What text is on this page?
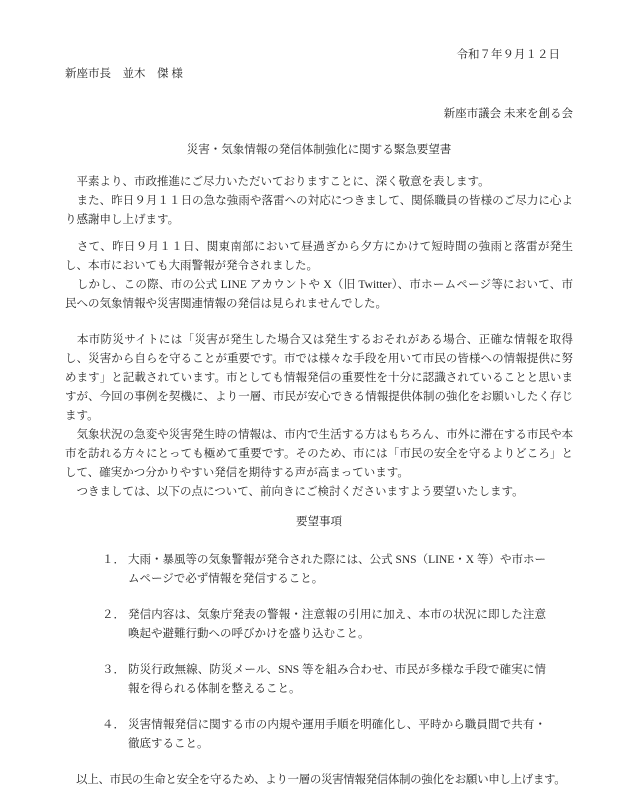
令和７年９月１２日
新座市長　並木　傑 様
新座市議会 未来を創る会
災害・気象情報の発信体制強化に関する緊急要望書

　平素より、市政推進にご尽力いただいておりますことに、深く敬意を表します。

　また、昨日９月１１日の急な強雨や落雷への対応につきまして、関係職員の皆様のご尽力に心より感謝申し上げます。

　さて、昨日９月１１日、関東南部において昼過ぎから夕方にかけて短時間の強雨と落雷が発生し、本市においても大雨警報が発令されました。

　しかし、この際、市の公式 LINE アカウントや X（旧 Twitter）、市ホームページ等において、市民への気象情報や災害関連情報の発信は見られませんでした。

　本市防災サイトには「災害が発生した場合又は発生するおそれがある場合、正確な情報を取得し、災害から自らを守ることが重要です。市では様々な手段を用いて市民の皆様への情報提供に努めます」と記載されています。市としても情報発信の重要性を十分に認識されていることと思いますが、今回の事例を契機に、より一層、市民が安心できる情報提供体制の強化をお願いしたく存じます。

　気象状況の急変や災害発生時の情報は、市内で生活する方はもちろん、市外に滞在する市民や本市を訪れる方々にとっても極めて重要です。そのため、市には「市民の安全を守るよりどころ」として、確実かつ分かりやすい発信を期待する声が高まっています。

　つきましては、以下の点について、前向きにご検討くださいますよう要望いたします。

要望事項
１． 大雨・暴風等の気象警報が発令された際には、公式 SNS（LINE・X 等）や市ホームページで必ず情報を発信すること。
２． 発信内容は、気象庁発表の警報・注意報の引用に加え、本市の状況に即した注意喚起や避難行動への呼びかけを盛り込むこと。
３． 防災行政無線、防災メール、SNS 等を組み合わせ、市民が多様な手段で確実に情報を得られる体制を整えること。
４． 災害情報発信に関する市の内規や運用手順を明確化し、平時から職員間で共有・徹底すること。

　以上、市民の生命と安全を守るため、より一層の災害情報発信体制の強化をお願い申し上げます。
